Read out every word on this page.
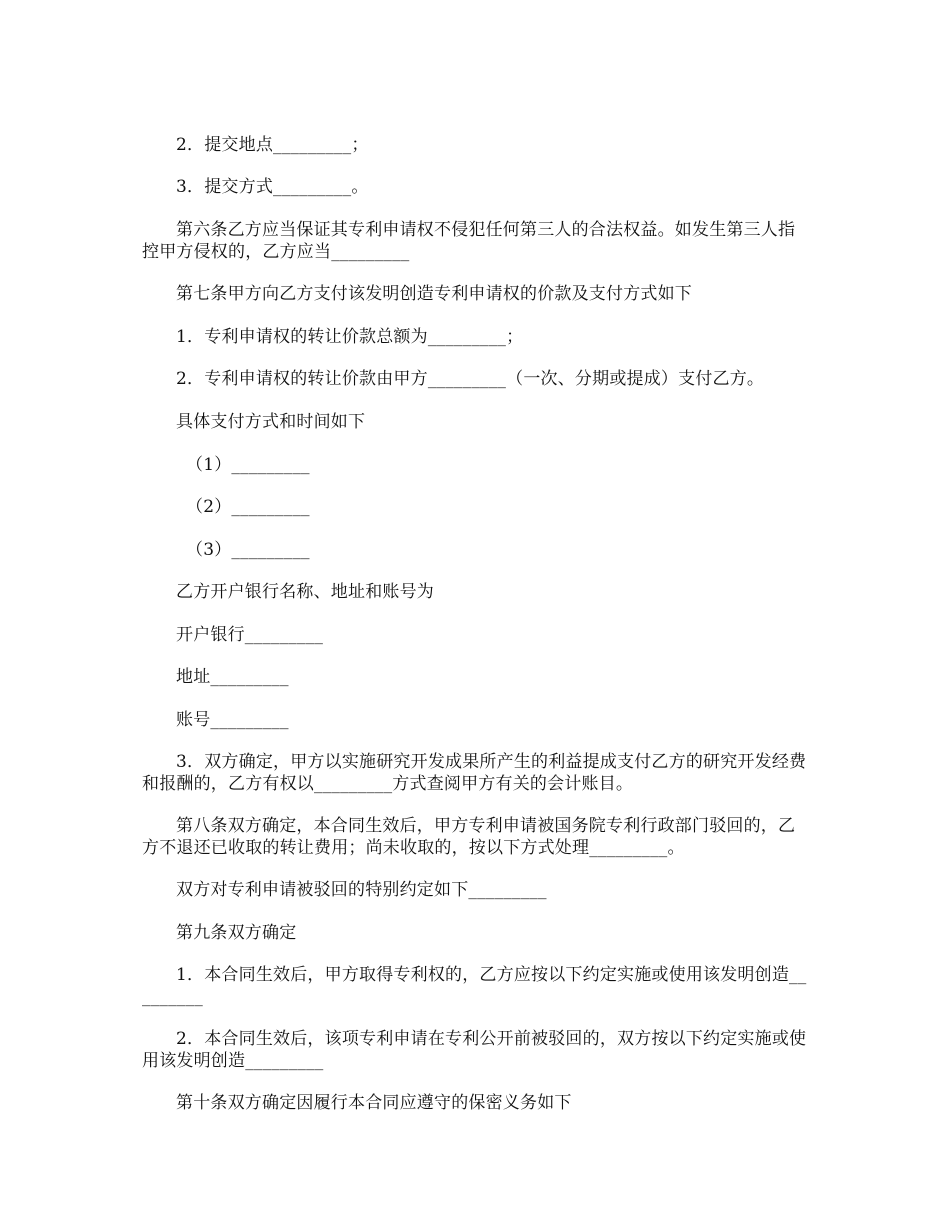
2．提交地点_________；

3．提交方式_________。

第六条乙方应当保证其专利申请权不侵犯任何第三人的合法权益。如发生第三人指控甲方侵权的，乙方应当_________

第七条甲方向乙方支付该发明创造专利申请权的价款及支付方式如下

1．专利申请权的转让价款总额为_________；

2．专利申请权的转让价款由甲方_________（一次、分期或提成）支付乙方。

具体支付方式和时间如下

（1）_________

（2）_________

（3）_________

乙方开户银行名称、地址和账号为

开户银行_________

地址_________

账号_________

3．双方确定，甲方以实施研究开发成果所产生的利益提成支付乙方的研究开发经费和报酬的，乙方有权以_________方式查阅甲方有关的会计账目。

第八条双方确定，本合同生效后，甲方专利申请被国务院专利行政部门驳回的，乙方不退还已收取的转让费用；尚未收取的，按以下方式处理_________。

双方对专利申请被驳回的特别约定如下_________

第九条双方确定

1．本合同生效后，甲方取得专利权的，乙方应按以下约定实施或使用该发明创造_________

2．本合同生效后，该项专利申请在专利公开前被驳回的，双方按以下约定实施或使用该发明创造_________

第十条双方确定因履行本合同应遵守的保密义务如下
